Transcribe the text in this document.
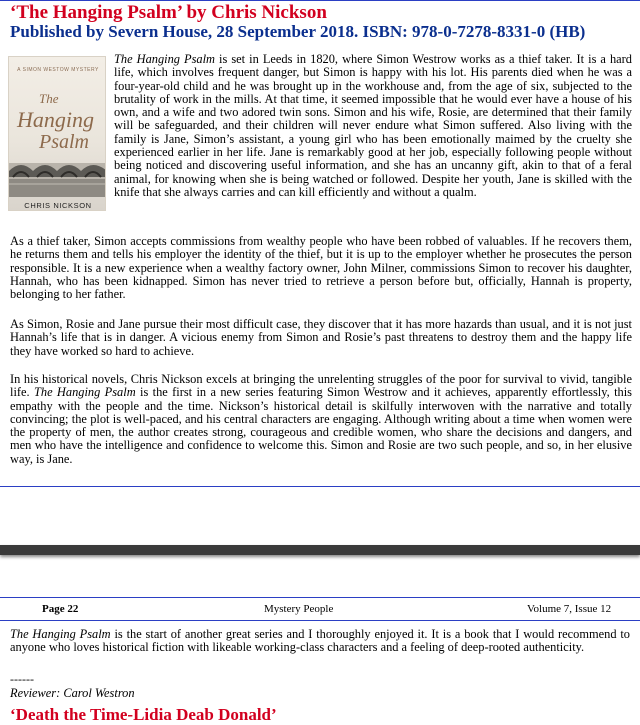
‘The Hanging Psalm’ by Chris Nickson
Published by Severn House, 28 September 2018. ISBN: 978-0-7278-8331-0 (HB)
A SIMON WESTOW MYSTERY
The
Hanging
Psalm
CHRIS NICKSON

The Hanging Psalm is set in Leeds in 1820, where Simon Westrow works as a thief taker. It is a hard life, which involves frequent danger, but Simon is happy with his lot. His parents died when he was a four-year-old child and he was brought up in the workhouse and, from the age of six, subjected to the brutality of work in the mills. At that time, it seemed impossible that he would ever have a house of his own, and a wife and two adored twin sons. Simon and his wife, Rosie, are determined that their family will be safeguarded, and their children will never endure what Simon suffered. Also living with the family is Jane, Simon’s assistant, a young girl who has been emotionally maimed by the cruelty she experienced earlier in her life. Jane is remarkably good at her job, especially following people without being noticed and discovering useful information, and she has an uncanny gift, akin to that of a feral animal, for knowing when she is being watched or followed. Despite her youth, Jane is skilled with the knife that she always carries and can kill efficiently and without a qualm.

As a thief taker, Simon accepts commissions from wealthy people who have been robbed of valuables. If he recovers them, he returns them and tells his employer the identity of the thief, but it is up to the employer whether he prosecutes the person responsible. It is a new experience when a wealthy factory owner, John Milner, commissions Simon to recover his daughter, Hannah, who has been kidnapped. Simon has never tried to retrieve a person before but, officially, Hannah is property, belonging to her father.

As Simon, Rosie and Jane pursue their most difficult case, they discover that it has more hazards than usual, and it is not just Hannah’s life that is in danger. A vicious enemy from Simon and Rosie’s past threatens to destroy them and the happy life they have worked so hard to achieve.

In his historical novels, Chris Nickson excels at bringing the unrelenting struggles of the poor for survival to vivid, tangible life. The Hanging Psalm is the first in a new series featuring Simon Westrow and it achieves, apparently effortlessly, this empathy with the people and the time. Nickson’s historical detail is skilfully interwoven with the narrative and totally convincing; the plot is well-paced, and his central characters are engaging. Although writing about a time when women were the property of men, the author creates strong, courageous and credible women, who share the decisions and dangers, and men who have the intelligence and confidence to welcome this. Simon and Rosie are two such people, and so, in her elusive way, is Jane.

Page 22	Mystery People	Volume 7, Issue 12

The Hanging Psalm is the start of another great series and I thoroughly enjoyed it. It is a book that I would recommend to anyone who loves historical fiction with likeable working-class characters and a feeling of deep-rooted authenticity.

------
Reviewer: Carol Westron
‘Death the Time-Lidia Deab Donald’
